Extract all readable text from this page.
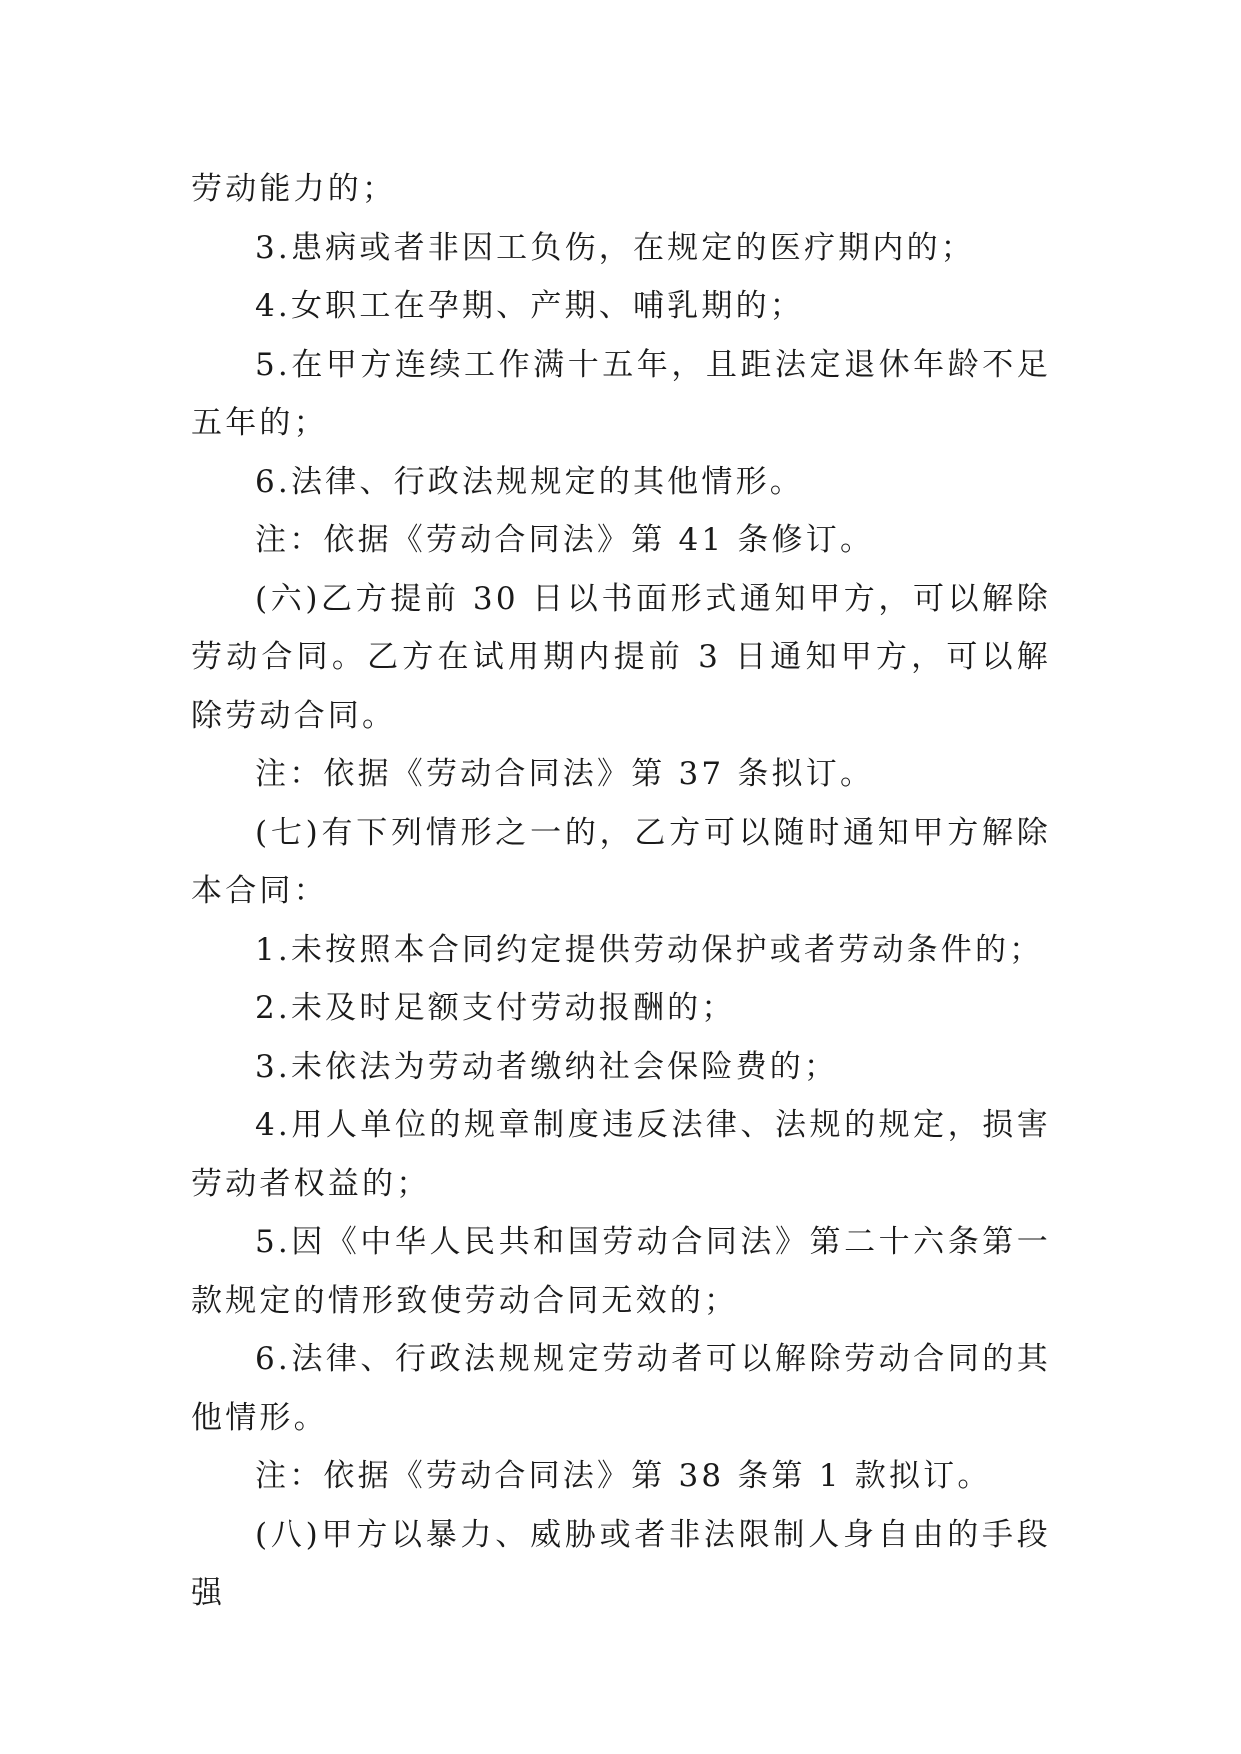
劳动能力的；

3.患病或者非因工负伤，在规定的医疗期内的；

4.女职工在孕期、产期、哺乳期的；

5.在甲方连续工作满十五年，且距法定退休年龄不足五年的；

6.法律、行政法规规定的其他情形。

注：依据《劳动合同法》第 41 条修订。

(六)乙方提前 30 日以书面形式通知甲方，可以解除劳动合同。乙方在试用期内提前 3 日通知甲方，可以解除劳动合同。

注：依据《劳动合同法》第 37 条拟订。

(七)有下列情形之一的，乙方可以随时通知甲方解除本合同：

1.未按照本合同约定提供劳动保护或者劳动条件的；

2.未及时足额支付劳动报酬的；

3.未依法为劳动者缴纳社会保险费的；

4.用人单位的规章制度违反法律、法规的规定，损害劳动者权益的；

5.因《中华人民共和国劳动合同法》第二十六条第一款规定的情形致使劳动合同无效的；

6.法律、行政法规规定劳动者可以解除劳动合同的其他情形。

注：依据《劳动合同法》第 38 条第 1 款拟订。

(八)甲方以暴力、威胁或者非法限制人身自由的手段强
